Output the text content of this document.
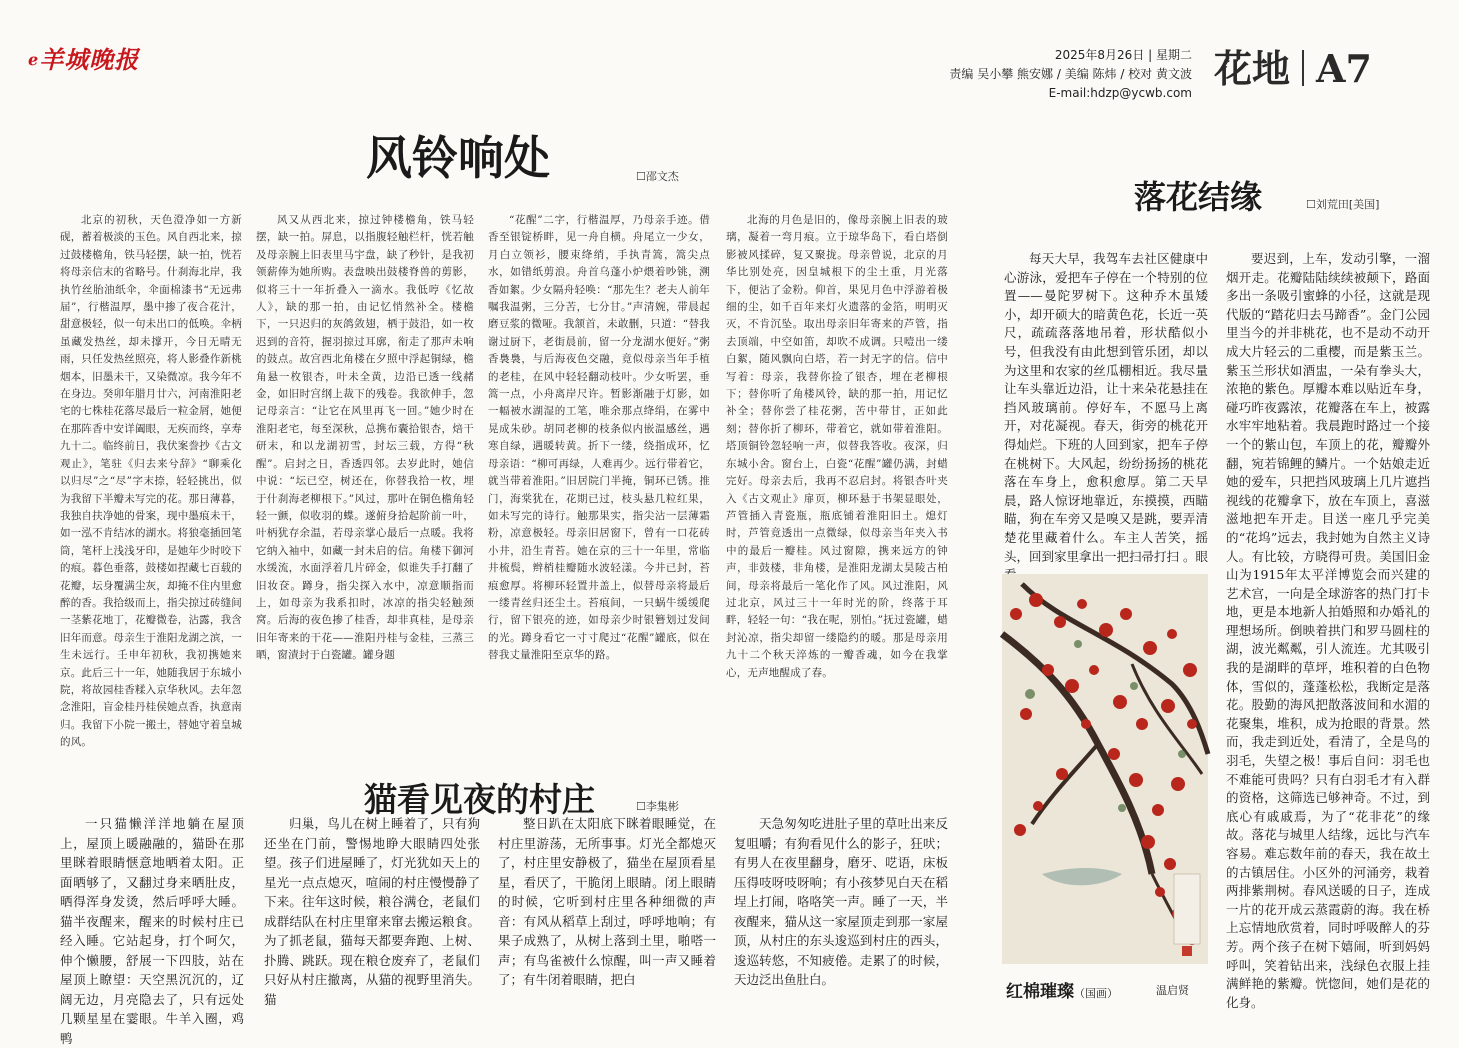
ℯ羊城晚报	2025年8月26日 | 星期二
责编 吴小攀 熊安娜 / 美编 陈炜 / 校对 黄文波
E-mail:hdzp@ycwb.com
花地 A7
风铃响处	☐邵文杰
北京的初秋，天色澄净如一方新砚，蓄着极淡的玉色。风自西北来，掠过鼓楼檐角，铁马轻摆，缺一拍，恍若将母亲信末的省略号。什刹海北岸，我执竹丝胎油纸伞，伞面棉漆书“无远弗届”，行楷温厚，墨中掺了夜合花汁，甜意极轻，似一句未出口的低唤。伞柄虽藏发热丝，却未撑开，今日无晴无雨，只任发热丝照亮，将人影叠作新桃烟本，旧墨未干，又染微凉。我今年不在身边。癸卯年腊月廿六，河南淮阳老宅的七株桂花落尽最后一粒金屑，她便在那阵香中安详阖眼，无疾而终，享寿九十二。临终前日，我伏案誊抄《古文观止》，笔驻《归去来兮辞》“聊乘化以归尽”之“尽”字末捺，轻轻挑出，似为我留下半瓣未写完的花。那日薄暮，我独自扶净她的骨案，现中墨痕未干，如一泓不肯结冰的湖水。将狼毫插回笔筒，笔杆上浅浅牙印，是她年少时咬下的痕。暮色垂落，鼓楼如捏藏七百载的花瓣，坛身覆满尘灰，却掩不住内里愈醉的香。我拾级而上，指尖掠过砖缝间一茎紫花地丁，花瓣微卷，沾露，我含旧年而意。母亲生于淮阳龙湖之滨，一生未远行。壬申年初秋，我初携她来京。此后三十一年，她随我居于东城小院，将故园桂香糅入京华秋风。去年忽念淮阳，盲金桂丹桂侯她点香，执意南归。我留下小院一搬土，替她守着皇城的风。
风又从西北来，掠过钟楼檐角，铁马轻摆，缺一拍。屏息，以指腹轻触栏杆，恍若触及母亲腕上旧表里马宇盘，缺了秒针，是我初领薪俸为她所购。表盘映出鼓楼脊兽的剪影，似将三十一年折叠入一滴水。我低哼《忆故人》，缺的那一拍，由记忆悄然补全。楼檐下，一只迟归的灰鸽敛翅，栖于鼓沿，如一枚迟到的音符，握羽掠过耳廓，衔走了那声未响的鼓点。故宫西北角楼在夕照中浮起铜绿，檐角悬一枚银杏，叶未全黄，边沿已透一线赭金，如旧时宫纲上裁下的残卷。我欲伸手，忽记母亲言：“让它在风里再飞一回。”她少时在淮阳老宅，每至深秋，总携布囊拾银杏，焙干研末，和以龙湖初雪，封坛三载，方得“秋醒”。启封之日，香透四邻。去岁此时，她信中说：“坛已空，树还在，你替我拾一枚，埋于什刹海老柳根下。”风过，那叶在铜色檐角轻轻一颤，似收羽的蝶。遂俯身拾起阶前一叶，叶柄犹存余温，若母亲掌心最后一点暖。我将它纳入袖中，如藏一封未启的信。角楼下御河水缓流，水面浮着几片碎金，似谁失手打翻了旧妆奁。蹲身，指尖探入水中，凉意顺指而上，如母亲为我系扣时，冰凉的指尖轻触颈窝。后海的夜色掺了桂香，却非真桂，是母亲旧年寄来的干花——淮阳丹桂与金桂，三蒸三晒，窗漬封于白瓷罐。罐身题
“花醒”二字，行楷温厚，乃母亲手迹。借香至银锭桥畔，见一舟自横。舟尾立一少女，月白立领衫，腰束绛绡，手执青篙，篙尖点水，如错纸剪浪。舟首乌蓬小炉煨着吵铫，溯香如絮。少女隔舟轻唤：“那先生？老夫人前年嘱我温粥，三分苦，七分甘。”声清婉，带晨起磨豆浆的微哑。我颔首，未敢删，只道：“替我谢过厨下，老街晨前，留一分龙湖水便好。”粥香裊裊，与后海夜色交融，竟似母亲当年手植的老桂，在风中轻轻翻动枝叶。少女听罢，垂篙一点，小舟离岸尺许。暂影渐融于灯影，如一幅被水湖湿的工笔，唯余那点绛绢，在雾中晃成朱砂。胡同老柳的枝条似内嵌温感丝，遇寒自绿，遇暖转黄。折下一缕，绕指成环，忆母亲语：“柳可再绿，人难再少。远行带着它，就当带着淮阳。”旧居院门半掩，铜环已锈。推门，海棠犹在，花期已过，枝头悬几粒红果，如未写完的诗行。触那果实，指尖沾一层薄霜粉，凉意极轻。母亲旧居窗下，曾有一口花砖小井，沿生青苔。她在京的三十一年里，常临井梳鬓，辫梢桂瓣随水波轻漾。今井已封，苔痕愈厚。将柳环轻置井盖上，似替母亲将最后一缕青丝归还尘土。苔痕间，一只蜗牛缓缓爬行，留下银亮的迹，如母亲少时银簪划过发间的光。蹲身看它一寸寸爬过“花醒”罐底，似在替我丈量淮阳至京华的路。
北海的月色是旧的，像母亲腕上旧表的玻璃，凝着一弯月痕。立于琼华岛下，看白塔倒影被风揉碎，复又聚拢。母亲曾说，北京的月华比别处亮，因皇城根下的尘土重，月光落下，便沾了金粉。仰首，果见月色中浮游着极细的尘，如千百年来灯火遗落的金箔，明明灭灭，不肯沉坠。取出母亲旧年寄来的芦管，指去顶端，中空如笛，却吹不成调。只噎出一缕白絮，随风飘向白塔，若一封无字的信。信中写着：母亲，我替你捡了银杏，埋在老柳根下；替你听了角楼风铃，缺的那一拍，用记忆补全；替你尝了桂花粥，苦中带甘，正如此刻；替你折了柳环，带着它，就如带着淮阳。塔顶铜铃忽轻响一声，似替我答收。夜深，归东城小舍。窗台上，白瓷“花醒”罐仍满，封蜡完好。母亲去后，我再不忍启封。将银杏叶夹入《古文观止》扉页，柳环悬于书架显眼处，芦管插入青瓷瓶，瓶底铺着淮阳旧土。熄灯时，芦管竟透出一点微绿，似母亲当年夹入书中的最后一瓣桂。风过窗隙，携来远方的钟声，非鼓楼，非角楼，是淮阳龙湖太昊陵古柏间，母亲将最后一笔化作了风。风过淮阳，风过北京，风过三十一年时光的阶，终落于耳畔，轻轻一句：“我在呢，别怕。”抚过瓷罐，蜡封沁凉，指尖却留一缕隐约的暖。那是母亲用九十二个秋天淬炼的一瓣香魂，如今在我掌心，无声地醒成了春。
落花结缘	☐刘荒田[美国]
每天大早，我驾车去社区健康中心游泳，爱把车子停在一个特别的位置——曼陀罗树下。这种乔木虽矮小，却开硕大的暗黄色花，长近一英尺，疏疏落落地吊着，形状酷似小号，但我没有由此想到管乐团，却以为这里和农家的丝瓜棚相近。我尽量让车头靠近边沿，让十来朵花悬挂在挡风玻璃前。停好车，不愿马上离开，对花凝视。春天，街旁的桃花开得灿烂。下班的人回到家，把车子停在桃树下。大风起，纷纷扬扬的桃花落在车身上，愈积愈厚。第二天早晨，路人惊讶地靠近，东摸摸，西瞄瞄，狗在车旁又是嗅又是跳，要弄清楚花里藏着什么。车主人苦笑，摇头，回到家里拿出一把扫帚打扫 。眼
要迟到，上车，发动引擎，一溜烟开走。花瓣陆陆续续被颠下，路面多出一条吸引蜜蜂的小径，这就是现代版的“踏花归去马蹄香”。金门公园里当今的并非桃花，也不是动不动开成大片轻云的二重樱，而是紫玉兰。紫玉兰形状如酒盅，一朵有拳头大，浓艳的紫色。厚瓣本难以贴近车身，碰巧昨夜露浓，花瓣落在车上，被露水牢牢地粘着。我晨跑时路过一个接一个的紫山包，车顶上的花，瓣瓣外翻，宛若锦鲤的鳞片。一个姑娘走近她的爱车，只把挡风玻璃上几片遮挡视线的花瓣拿下，放在车顶上，喜滋滋地把车开走。目送一座几乎完美的“花坞”远去，我封她为自然主义诗人。有比较，方晓得可贵。美国旧金山为1915年太平洋博览会而兴建的艺术宫，一向是全球游客的热门打卡地，更是本地新人拍婚照和办婚礼的理想场所。倒映着拱门和罗马圆柱的湖，波光粼粼，引人流连。尤其吸引我的是湖畔的草坪，堆积着的白色物体，雪似的，蓬蓬松松，我断定是落花。股勤的海风把散落波间和水湄的花聚集，堆积，成为抢眼的背景。然而，我走到近处，看清了，全是鸟的羽毛，失望之极！事后自问：羽毛也不难能可贵吗？只有白羽毛才有入群的资格，这筛选已够神奇。不过，到底心有戚戚焉，为了“花非花”的缘故。落花与城里人结缘，远比与汽车容易。难忘数年前的春天，我在故土的古镇居住。小区外的河涌旁，栽着两排紫荆树。春风送暖的日子，连成一片的花开成云蒸霞蔚的海。我在桥上忘情地欣赏着，同时呼吸醉人的芬芳。两个孩子在树下嬉闹，听到妈妈呼叫，笑着钻出来，浅绿色衣服上挂满鲜艳的紫瓣。恍惚间，她们是花的化身。
红棉璀璨（国画）	温启贤
猫看见夜的村庄	☐李集彬
一只猫懒洋洋地躺在屋顶上，屋顶上暖融融的，猫卧在那里眯着眼睛惬意地晒着太阳。正面晒够了，又翻过身来晒肚皮，晒得浑身发烫，然后呼呼大睡。猫半夜醒来，醒来的时候村庄已经入睡。它站起身，打个呵欠，伸个懒腰，舒展一下四肢，站在屋顶上瞭望：天空黑沉沉的，辽阔无边，月亮隐去了，只有远处几颗星星在霎眼。牛羊入圈，鸡鸭
归巢，鸟儿在树上睡着了，只有狗还坐在门前，警惕地睁大眼睛四处张望。孩子们进屋睡了，灯光犹如天上的星光一点点熄灭，喧闹的村庄慢慢静了下来。往年这时候，粮谷满仓，老鼠们成群结队在村庄里窜来窜去搬运粮食。为了抓老鼠，猫每天都要奔跑、上树、扑腾、跳跃。现在粮仓废弃了，老鼠们只好从村庄撤离，从猫的视野里消失。猫
整日趴在太阳底下眯着眼睡觉，在村庄里游荡，无所事事。灯光全都熄灭了，村庄里安静极了，猫坐在屋顶看星星，看厌了，干脆闭上眼睛。闭上眼睛的时候，它听到村庄里各种细微的声音：有风从稻草上刮过，呼呼地响；有果子成熟了，从树上落到土里，啪嗒一声；有鸟雀被什么惊醒，叫一声又睡着了；有牛闭着眼睛，把白
天急匆匆吃进肚子里的草吐出来反复咀嚼；有狗看见什么的影子，狂吠；有男人在夜里翻身，磨牙、呓语，床板压得吱呀吱呀响；有小孩梦见白天在稻埕上打闹，咯咯笑一声。睡了一天，半夜醒来，猫从这一家屋顶走到那一家屋顶，从村庄的东头逡巡到村庄的西头，逡巡转悠，不知疲倦。走累了的时候，天边泛出鱼肚白。
